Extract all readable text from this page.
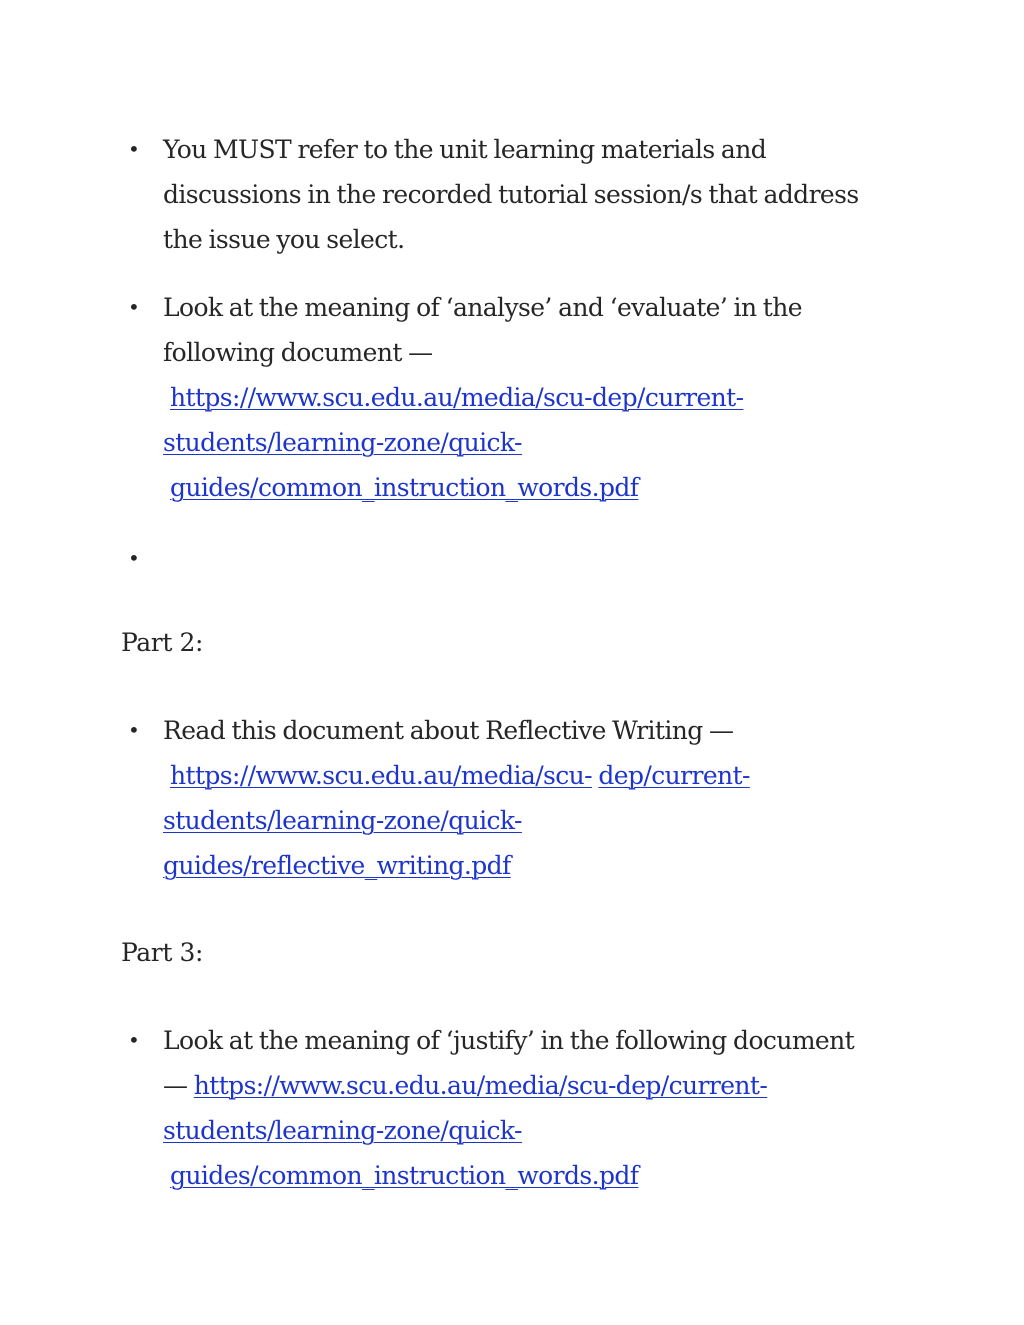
• You MUST refer to the unit learning materials and
discussions in the recorded tutorial session/s that address
the issue you select.
• Look at the meaning of ‘analyse’ and ‘evaluate’ in the
following document —
https://www.scu.edu.au/media/scu-dep/current-
students/learning-zone/quick-
guides/common_instruction_words.pdf
•
Part 2:
• Read this document about Reflective Writing —
https://www.scu.edu.au/media/scu- dep/current-
students/learning-zone/quick-
guides/reflective_writing.pdf
Part 3:
• Look at the meaning of ‘justify’ in the following document
— https://www.scu.edu.au/media/scu-dep/current-
students/learning-zone/quick-
guides/common_instruction_words.pdf
